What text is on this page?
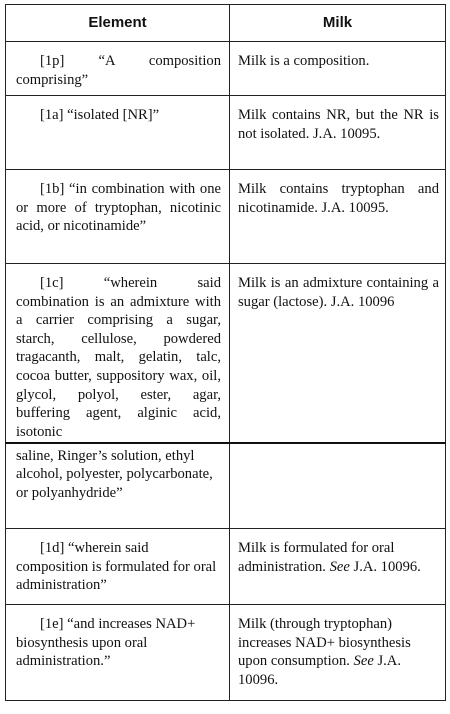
Element	Milk
[1p] “A composition comprising”	Milk is a composition.
[1a] “isolated [NR]”	Milk contains NR, but the NR is not isolated. J.A. 10095.
[1b] “in combination with one or more of tryptophan, nicotinic acid, or nicotinamide”	Milk contains tryptophan and nicotinamide. J.A. 10095.
[1c] “wherein said combination is an admixture with a carrier comprising a sugar, starch, cellulose, powdered tragacanth, malt, gelatin, talc, cocoa butter, suppository wax, oil, glycol, polyol, ester, agar, buffering agent, alginic acid, isotonic	Milk is an admixture containing a sugar (lactose). J.A. 10096
saline, Ringer’s solution, ethyl alcohol, polyester, polycarbonate, or polyanhydride”	
[1d] “wherein said composition is formulated for oral administration”	Milk is formulated for oral administration. See J.A. 10096.
[1e] “and increases NAD+ biosynthesis upon oral administration.”	Milk (through tryptophan) increases NAD+ biosynthesis upon consumption. See J.A. 10096.
